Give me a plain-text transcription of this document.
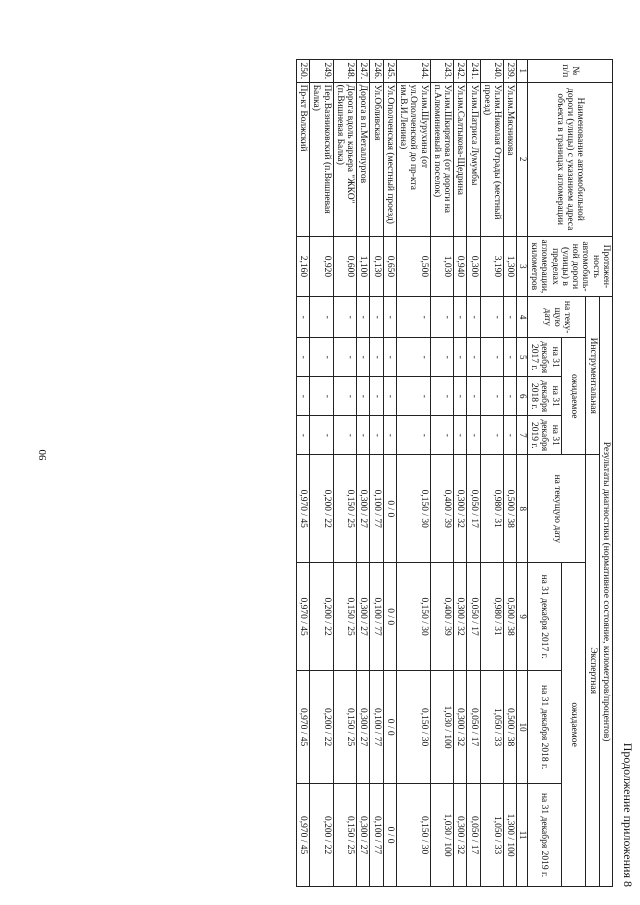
90
Продолжение приложения 8
№ п/п	Наименование автомобильной дороги (улицы) с указанием адреса объекта в границах агломерации	Протяжен-ность автомобиль-ной дороги (улицы) в пределах агломерации, километров	Результаты диагностики (нормативное состояние, километров/процентов)							
			Инструментальная				Экспертная			
			на теку-щую дату	ожидаемое			на текущую дату	ожидаемое		
				на 31 декабря 2017 г.	на 31 декабря 2018 г.	на 31 декабря 2019 г.		на 31 декабря 2017 г.	на 31 декабря 2018 г.	на 31 декабря 2019 г.
1	2	3	4	5	6	7	8	9	10	11
239.	Ул.им.Мясникова	1,300	-	-	-	-	0,500 / 38	0,500 / 38	0,500 / 38	1,300 / 100
240.	Ул.им.Николая Отрады (местный проезд)	3,190	-	-	-	-	0,980 / 31	0,980 / 31	1,050 / 33	1,050 / 33
241.	Ул.им.Патриса Лумумбы	0,300	-	-	-	-	0,050 / 17	0,050 / 17	0,050 / 17	0,050 / 17
242.	Ул.им.Салтыкова-Щедрина	0,940	-	-	-	-	0,300 / 32	0,300 / 32	0,300 / 32	0,300 / 32
243.	Ул.им.Шкирятова (от дороги на п.Алюминиевый в поселок)	1,030	-	-	-	-	0,400 / 39	0,400 / 39	1,030 / 100	1,030 / 100
244.	Ул.им.Шурухина (от ул.Ополченской до пр-кта им.В.И.Ленина)	0,500	-	-	-	-	0,150 / 30	0,150 / 30	0,150 / 30	0,150 / 30
245.	Ул.Ополченская (местный проезд)	0,650	-	-	-	-	0 / 0	0 / 0	0 / 0	0 / 0
246.	Ул.Обливская	0,130	-	-	-	-	0,100 / 77	0,100 / 77	0,100 / 77	0,100 / 77
247.	Дорога в п.Металлургов	1,100	-	-	-	-	0,300 / 27	0,300 / 27	0,300 / 27	0,300 / 27
248.	Дорога вдоль карьера "ЖКО" (п.Вишневая Балка)	0,600	-	-	-	-	0,150 / 25	0,150 / 25	0,150 / 25	0,150 / 25
249.	Пер.Вазниковский (п.Вишневая Балка)	0,920	-	-	-	-	0,200 / 22	0,200 / 22	0,200 / 22	0,200 / 22
250.	Пр-кт Волжский	2,160	-	-	-	-	0,970 / 45	0,970 / 45	0,970 / 45	0,970 / 45
